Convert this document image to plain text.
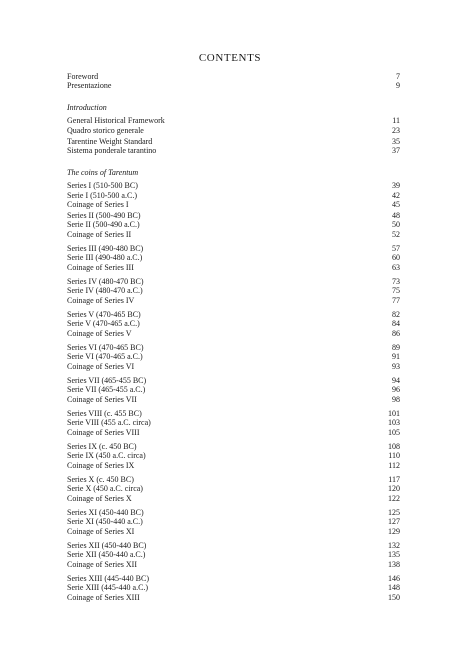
CONTENTS
Foreword	7
Presentazione	9
Introduction
General Historical Framework	11
Quadro storico generale	23
Tarentine Weight Standard	35
Sistema ponderale tarantino	37
The coins of Tarentum
Series I (510-500 BC)	39
Serie I (510-500 a.C.)	42
Coinage of Series I	45
Series II (500-490 BC)	48
Serie II (500-490 a.C.)	50
Coinage of Series II	52
Series III (490-480 BC)	57
Serie III (490-480 a.C.)	60
Coinage of Series III	63
Series IV (480-470 BC)	73
Serie IV (480-470 a.C.)	75
Coinage of Series IV	77
Series V (470-465 BC)	82
Serie V (470-465 a.C.)	84
Coinage of Series V	86
Series VI (470-465 BC)	89
Serie VI (470-465 a.C.)	91
Coinage of Series VI	93
Series VII (465-455 BC)	94
Serie VII (465-455 a.C.)	96
Coinage of Series VII	98
Series VIII (c. 455 BC)	101
Serie VIII (455 a.C. circa)	103
Coinage of Series VIII	105
Series IX (c. 450 BC)	108
Serie IX (450 a.C. circa)	110
Coinage of Series IX	112
Series X (c. 450 BC)	117
Serie X (450 a.C. circa)	120
Coinage of Series X	122
Series XI (450-440 BC)	125
Serie XI (450-440 a.C.)	127
Coinage of Series XI	129
Series XII (450-440 BC)	132
Serie XII (450-440 a.C.)	135
Coinage of Series XII	138
Series XIII (445-440 BC)	146
Serie XIII (445-440 a.C.)	148
Coinage of Series XIII	150
